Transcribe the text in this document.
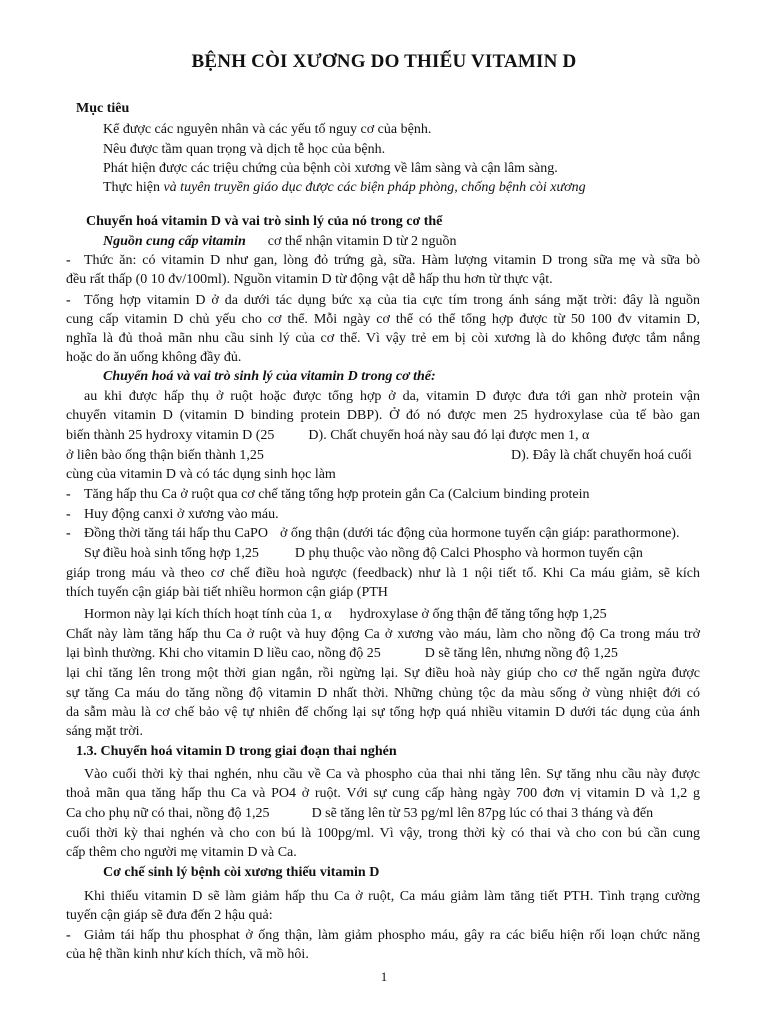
BỆNH CÒI XƯƠNG DO THIẾU VITAMIN D
Mục tiêu
Kể được các nguyên nhân và các yếu tố nguy cơ của bệnh.
Nêu được tầm quan trọng và dịch tễ học của bệnh.
Phát hiện được các triệu chứng của bệnh còi xương về lâm sàng và cận lâm sàng.
Thực hiện và tuyên truyền giáo dục được các biện pháp phòng, chống bệnh còi xương
Chuyển hoá vitamin D và vai trò sinh lý của nó trong cơ thể
Nguồn cung cấp vitamin cơ thể nhận vitamin D từ 2 nguồn
- Thức ăn: có vitamin D như gan, lòng đỏ trứng gà, sữa. Hàm lượng vitamin D trong sữa mẹ và sữa bò
đều rất thấp (0 10 đv/100ml). Nguồn vitamin D từ động vật dễ hấp thu hơn từ thực vật.
- Tổng hợp vitamin D ở da dưới tác dụng bức xạ của tia cực tím trong ánh sáng mặt trời: đây là nguồn
cung cấp vitamin D chủ yếu cho cơ thể. Mỗi ngày cơ thể có thể tổng hợp được từ 50 100 đv vitamin D,
nghĩa là đủ thoả mãn nhu cầu sinh lý của cơ thể. Vì vậy trẻ em bị còi xương là do không được tắm nắng
hoặc do ăn uống không đầy đủ.
Chuyển hoá và vai trò sinh lý của vitamin D trong cơ thể:
au khi được hấp thụ ở ruột hoặc được tổng hợp ở da, vitamin D được đưa tới gan nhờ protein vận
chuyển vitamin D (vitamin D binding protein DBP). Ở đó nó được men 25 hydroxylase của tế bào gan
biến thành 25 hydroxy vitamin D (25 D). Chất chuyển hoá này sau đó lại được men 1, α
ở liên bào ống thận biến thành 1,25	D). Đây là chất chuyển hoá cuối
cùng của vitamin D và có tác dụng sinh học làm
- Tăng hấp thu Ca ở ruột qua cơ chế tăng tổng hợp protein gắn Ca (Calcium binding protein
- Huy động canxi ở xương vào máu.
- Đồng thời tăng tái hấp thu CaPO ở ống thận (dưới tác động của hormone tuyến cận giáp: parathormone).
Sự điều hoà sinh tổng hợp 1,25	D phụ thuộc vào nồng độ Calci Phospho và hormon tuyến cận
giáp trong máu và theo cơ chế điều hoà ngược (feedback) như là 1 nội tiết tố. Khi Ca máu giảm, sẽ kích
thích tuyến cận giáp bài tiết nhiều hormon cận giáp (PTH
Hormon này lại kích thích hoạt tính của 1, α hydroxylase ở ống thận để tăng tổng hợp 1,25
Chất này làm tăng hấp thu Ca ở ruột và huy động Ca ở xương vào máu, làm cho nồng độ Ca trong máu trở
lại bình thường. Khi cho vitamin D liều cao, nồng độ 25	D sẽ tăng lên, nhưng nồng độ 1,25
lại chỉ tăng lên trong một thời gian ngắn, rồi ngừng lại. Sự điều hoà này giúp cho cơ thể ngăn ngừa được
sự tăng Ca máu do tăng nồng độ vitamin D nhất thời. Những chủng tộc da màu sống ở vùng nhiệt đới có
da sẫm màu là cơ chế bảo vệ tự nhiên để chống lại sự tổng hợp quá nhiều vitamin D dưới tác dụng của ánh
sáng mặt trời.
1.3. Chuyển hoá vitamin D trong giai đoạn thai nghén
Vào cuối thời kỳ thai nghén, nhu cầu về Ca và phospho của thai nhi tăng lên. Sự tăng nhu cầu này được
thoả mãn qua tăng hấp thu Ca và PO4 ở ruột. Với sự cung cấp hàng ngày 700 đơn vị vitamin D và 1,2 g
Ca cho phụ nữ có thai, nồng độ 1,25	D sẽ tăng lên từ 53 pg/ml lên 87pg lúc có thai 3 tháng và đến
cuối thời kỳ thai nghén và cho con bú là 100pg/ml. Vì vậy, trong thời kỳ có thai và cho con bú cần cung
cấp thêm cho người mẹ vitamin D và Ca.
Cơ chế sinh lý bệnh còi xương thiếu vitamin D
Khi thiếu vitamin D sẽ làm giảm hấp thu Ca ở ruột, Ca máu giảm làm tăng tiết PTH. Tình trạng cường
tuyến cận giáp sẽ đưa đến 2 hậu quả:
- Giảm tái hấp thu phosphat ở ống thận, làm giảm phospho máu, gây ra các biểu hiện rối loạn chức năng
của hệ thần kinh như kích thích, vã mồ hôi.
1
